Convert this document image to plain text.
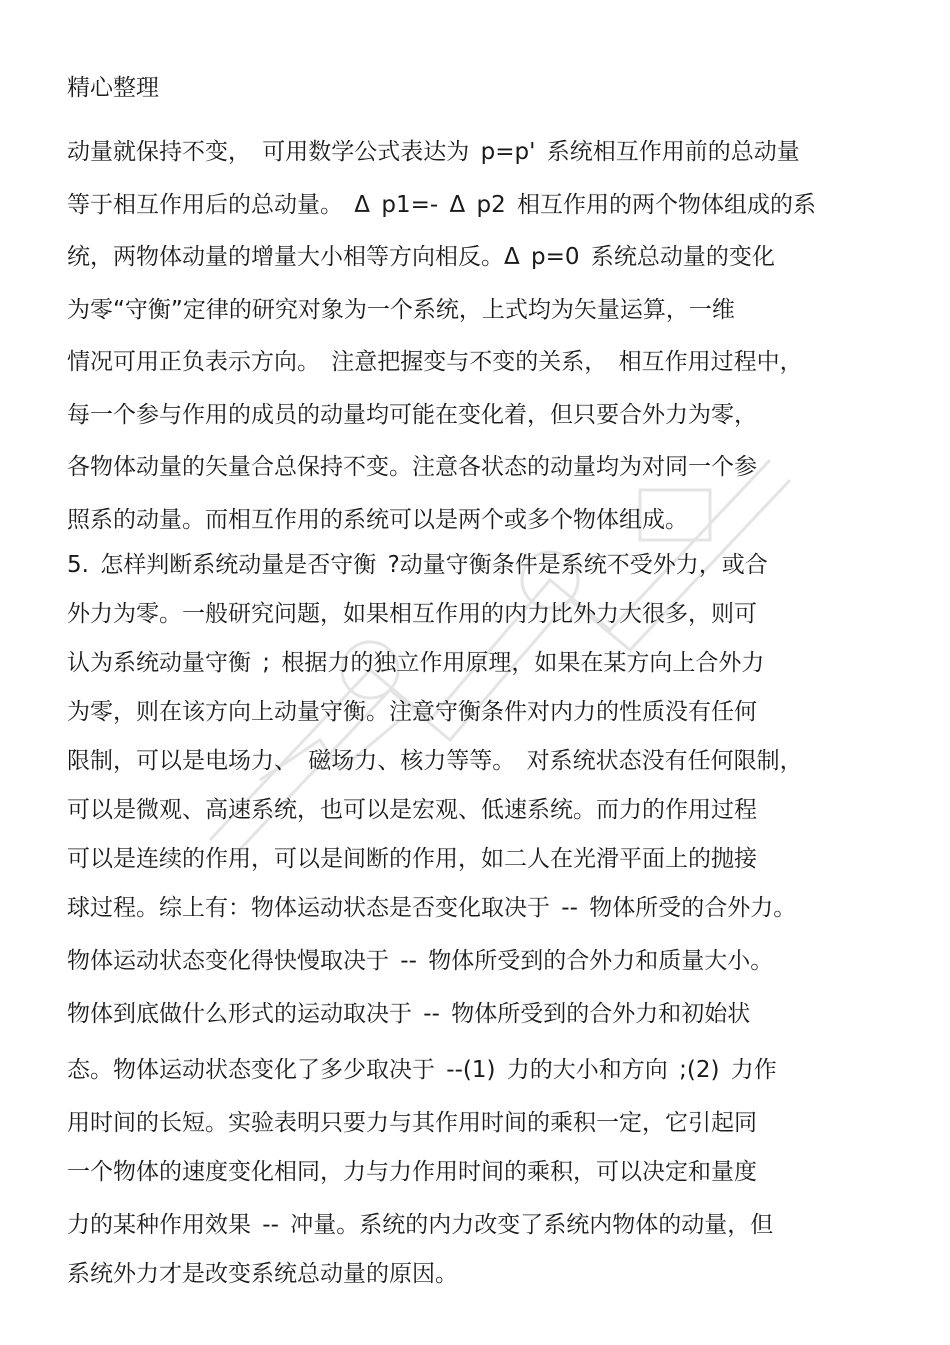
精心整理
动量就保持不变， 可用数学公式表达为 p=p' 系统相互作用前的总动量
等于相互作用后的总动量。 Δ p1=- Δ p2 相互作用的两个物体组成的系
统，两物体动量的增量大小相等方向相反。Δ p=0 系统总动量的变化
为零“守衡”定律的研究对象为一个系统，上式均为矢量运算，一维
情况可用正负表示方向。 注意把握变与不变的关系， 相互作用过程中，
每一个参与作用的成员的动量均可能在变化着，但只要合外力为零，
各物体动量的矢量合总保持不变。注意各状态的动量均为对同一个参
照系的动量。而相互作用的系统可以是两个或多个物体组成。
5. 怎样判断系统动量是否守衡 ?动量守衡条件是系统不受外力，或合
外力为零。一般研究问题，如果相互作用的内力比外力大很多，则可
认为系统动量守衡 ; 根据力的独立作用原理，如果在某方向上合外力
为零，则在该方向上动量守衡。注意守衡条件对内力的性质没有任何
限制，可以是电场力、 磁场力、核力等等。 对系统状态没有任何限制，
可以是微观、高速系统，也可以是宏观、低速系统。而力的作用过程
可以是连续的作用，可以是间断的作用，如二人在光滑平面上的抛接
球过程。综上有：物体运动状态是否变化取决于 -- 物体所受的合外力。
物体运动状态变化得快慢取决于 -- 物体所受到的合外力和质量大小。
物体到底做什么形式的运动取决于 -- 物体所受到的合外力和初始状
态。物体运动状态变化了多少取决于 --(1) 力的大小和方向 ;(2) 力作
用时间的长短。实验表明只要力与其作用时间的乘积一定，它引起同
一个物体的速度变化相同，力与力作用时间的乘积，可以决定和量度
力的某种作用效果 -- 冲量。系统的内力改变了系统内物体的动量，但
系统外力才是改变系统总动量的原因。
